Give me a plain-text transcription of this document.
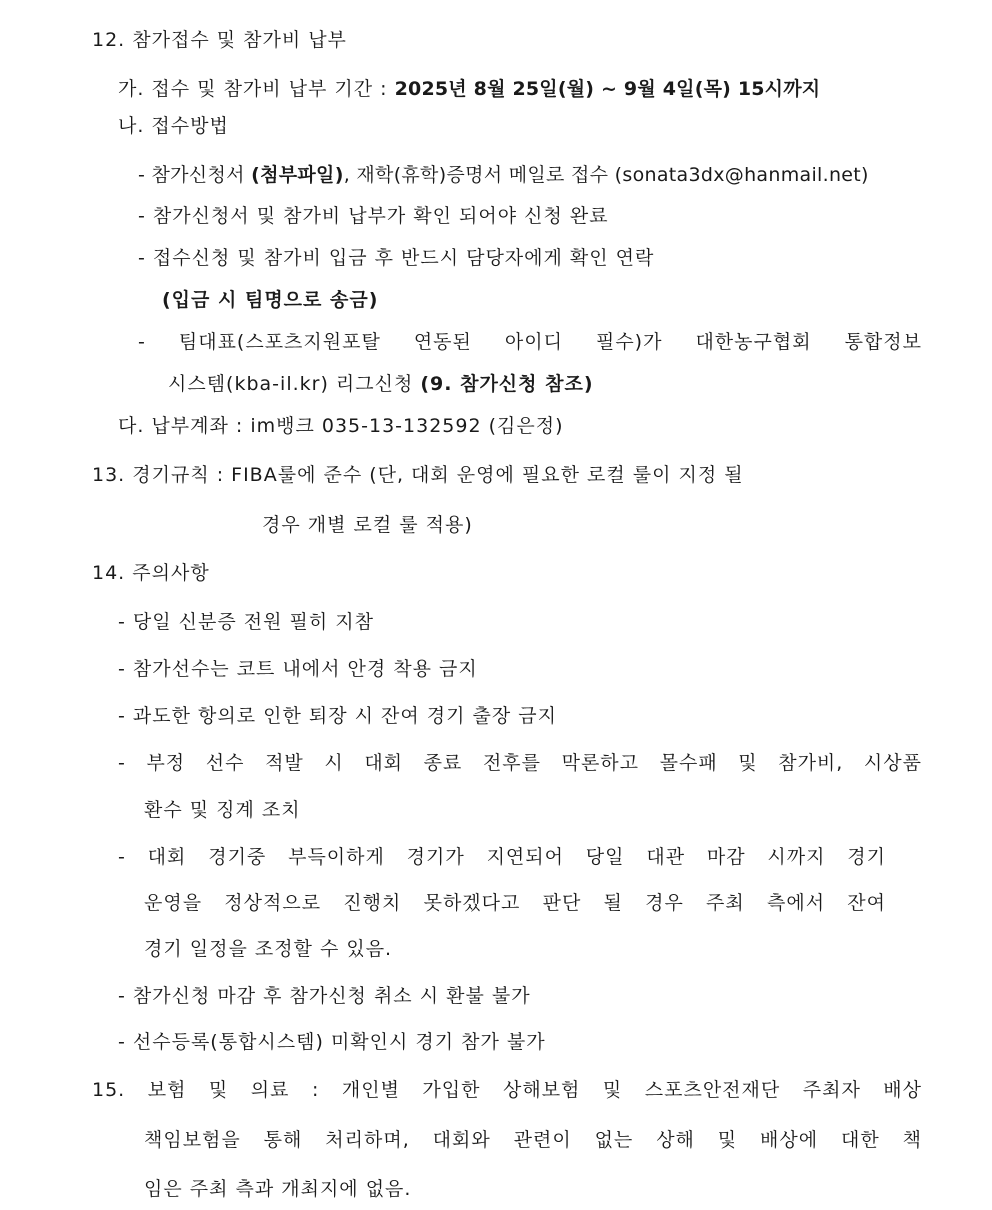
12. 참가접수 및 참가비 납부
가. 접수 및 참가비 납부 기간 : 2025년 8월 25일(월) ~ 9월 4일(목) 15시까지
나. 접수방법
- 참가신청서 (첨부파일), 재학(휴학)증명서 메일로 접수 (sonata3dx@hanmail.net)
- 참가신청서 및 참가비 납부가 확인 되어야 신청 완료
- 접수신청 및 참가비 입금 후 반드시 담당자에게 확인 연락
(입금 시 팀명으로 송금)
- 팀대표(스포츠지원포탈 연동된 아이디 필수)가 대한농구협회 통합정보
시스템(kba-il.kr) 리그신청 (9. 참가신청 참조)
다. 납부계좌 : im뱅크 035-13-132592 (김은정)
13. 경기규칙 : FIBA룰에 준수 (단, 대회 운영에 필요한 로컬 룰이 지정 될
경우 개별 로컬 룰 적용)
14. 주의사항
- 당일 신분증 전원 필히 지참
- 참가선수는 코트 내에서 안경 착용 금지
- 과도한 항의로 인한 퇴장 시 잔여 경기 출장 금지
- 부정 선수 적발 시 대회 종료 전후를 막론하고 몰수패 및 참가비, 시상품
환수 및 징계 조치
- 대회 경기중 부득이하게 경기가 지연되어 당일 대관 마감 시까지 경기
운영을 정상적으로 진행치 못하겠다고 판단 될 경우 주최 측에서 잔여
경기 일정을 조정할 수 있음.
- 참가신청 마감 후 참가신청 취소 시 환불 불가
- 선수등록(통합시스템) 미확인시 경기 참가 불가
15. 보험 및 의료 : 개인별 가입한 상해보험 및 스포츠안전재단 주최자 배상
책임보험을 통해 처리하며, 대회와 관련이 없는 상해 및 배상에 대한 책
임은 주최 측과 개최지에 없음.
